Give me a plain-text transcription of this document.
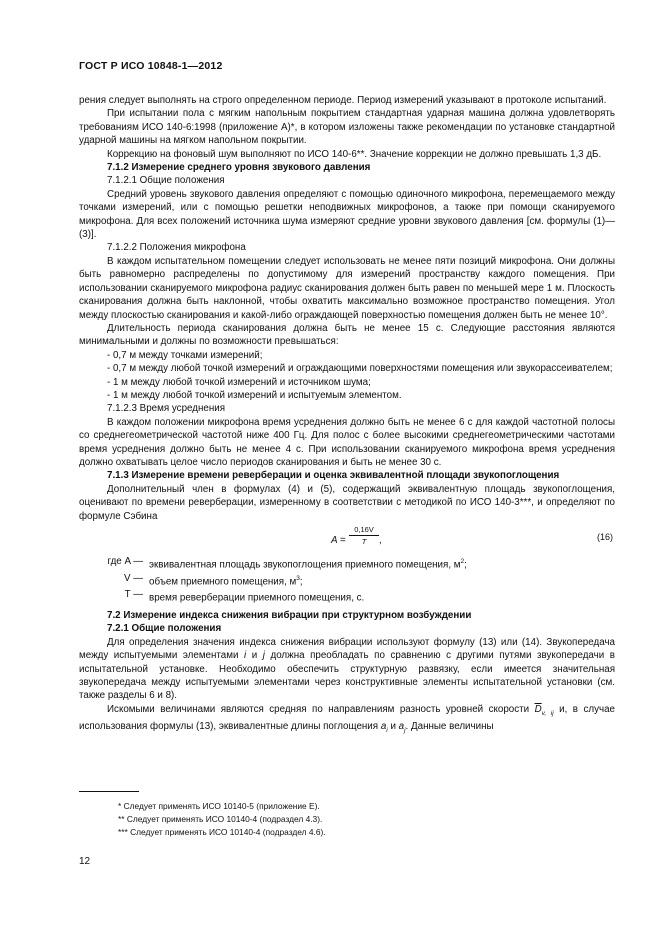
ГОСТ Р ИСО 10848-1—2012

рения следует выполнять на строго определенном периоде. Период измерений указывают в протоколе испытаний.

При испытании пола с мягким напольным покрытием стандартная ударная машина должна удовлетворять требованиям ИСО 140-6:1998 (приложение А)*, в котором изложены также рекомендации по установке стандартной ударной машины на мягком напольном покрытии.

Коррекцию на фоновый шум выполняют по ИСО 140-6**. Значение коррекции не должно превышать 1,3 дБ.

7.1.2 Измерение среднего уровня звукового давления

7.1.2.1 Общие положения

Средний уровень звукового давления определяют с помощью одиночного микрофона, перемещаемого между точками измерений, или с помощью решетки неподвижных микрофонов, а также при помощи сканируемого микрофона. Для всех положений источника шума измеряют средние уровни звукового давления [см. формулы (1)—(3)].

7.1.2.2 Положения микрофона

В каждом испытательном помещении следует использовать не менее пяти позиций микрофона. Они должны быть равномерно распределены по допустимому для измерений пространству каждого помещения. При использовании сканируемого микрофона радиус сканирования должен быть равен по меньшей мере 1 м. Плоскость сканирования должна быть наклонной, чтобы охватить максимально возможное пространство помещения. Угол между плоскостью сканирования и какой-либо ограждающей поверхностью помещения должен быть не менее 10°.

Длительность периода сканирования должна быть не менее 15 с. Следующие расстояния являются минимальными и должны по возможности превышаться:

- 0,7 м между точками измерений;

- 0,7 м между любой точкой измерений и ограждающими поверхностями помещения или звукорассеивателем;

- 1 м между любой точкой измерений и источником шума;

- 1 м между любой точкой измерений и испытуемым элементом.

7.1.2.3 Время усреднения

В каждом положении микрофона время усреднения должно быть не менее 6 с для каждой частотной полосы со среднегеометрической частотой ниже 400 Гц. Для полос с более высокими среднегеометрическими частотами время усреднения должно быть не менее 4 с. При использовании сканируемого микрофона время усреднения должно охватывать целое число периодов сканирования и быть не менее 30 с.

7.1.3 Измерение времени реверберации и оценка эквивалентной площади звукопоглощения

Дополнительный член в формулах (4) и (5), содержащий эквивалентную площадь звукопоглощения, оценивают по времени реверберации, измеренному в соответствии с методикой по ИСО 140-3***, и определяют по формуле Сэбина

$A = \frac{0,16V}{T}$ ,	(16)
где A — эквивалентная площадь звукопоглощения приемного помещения, $м^2$;
V — объем приемного помещения, $м^3$;
T — время реверберации приемного помещения, с.

7.2 Измерение индекса снижения вибрации при структурном возбуждении

7.2.1 Общие положения

Для определения значения индекса снижения вибрации используют формулу (13) или (14). Звукопередача между испытуемыми элементами i и j должна преобладать по сравнению с другими путями звукопередачи в испытательной установке. Необходимо обеспечить структурную развязку, если имеется значительная звукопередача между испытуемыми элементами через конструктивные элементы испытательной установки (см. также разделы 6 и 8).

Искомыми величинами являются средняя по направлениям разность уровней скорости $\overline{D}_{v, ij}$ и, в случае использования формулы (13), эквивалентные длины поглощения $a_i$ и $a_j$. Данные величины

* Следует применять ИСО 10140-5 (приложение Е).
** Следует применять ИСО 10140-4 (подраздел 4.3).
*** Следует применять ИСО 10140-4 (подраздел 4.6).
12
